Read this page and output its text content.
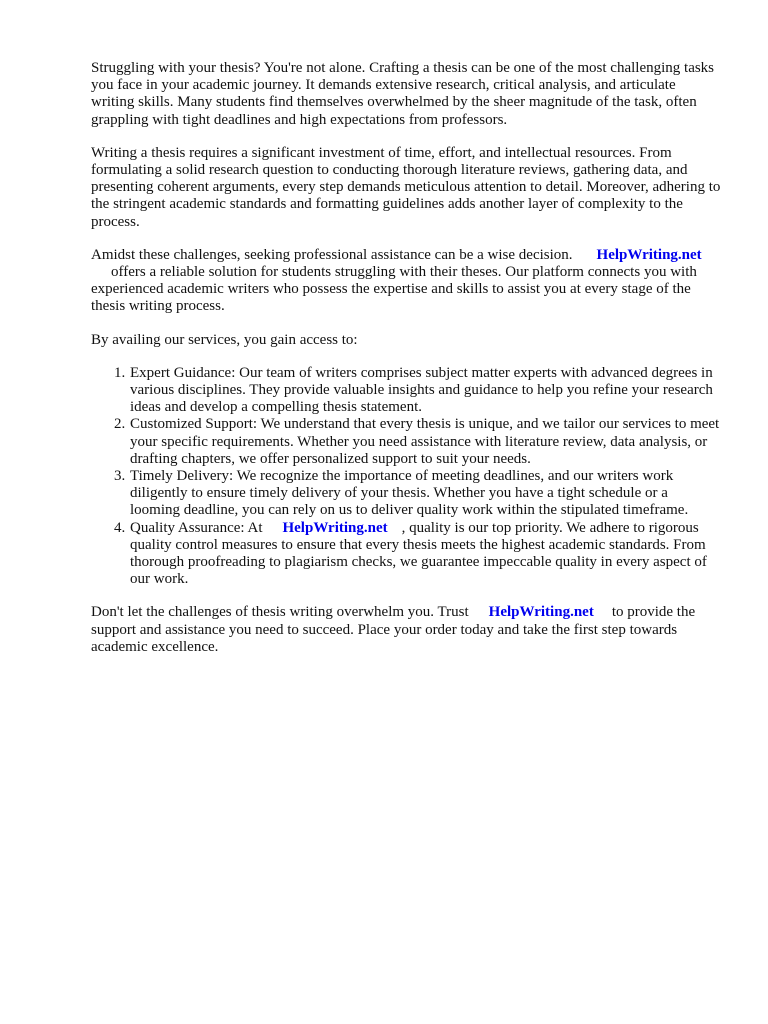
Struggling with your thesis? You're not alone. Crafting a thesis can be one of the most challenging tasks you face in your academic journey. It demands extensive research, critical analysis, and articulate writing skills. Many students find themselves overwhelmed by the sheer magnitude of the task, often grappling with tight deadlines and high expectations from professors.

Writing a thesis requires a significant investment of time, effort, and intellectual resources. From formulating a solid research question to conducting thorough literature reviews, gathering data, and presenting coherent arguments, every step demands meticulous attention to detail. Moreover, adhering to the stringent academic standards and formatting guidelines adds another layer of complexity to the process.

Amidst these challenges, seeking professional assistance can be a wise decision. HelpWriting.net
offers a reliable solution for students struggling with their theses. Our platform connects you with experienced academic writers who possess the expertise and skills to assist you at every stage of the thesis writing process.

By availing our services, you gain access to:

1. Expert Guidance: Our team of writers comprises subject matter experts with advanced degrees in various disciplines. They provide valuable insights and guidance to help you refine your research ideas and develop a compelling thesis statement.
2. Customized Support: We understand that every thesis is unique, and we tailor our services to meet your specific requirements. Whether you need assistance with literature review, data analysis, or drafting chapters, we offer personalized support to suit your needs.
3. Timely Delivery: We recognize the importance of meeting deadlines, and our writers work diligently to ensure timely delivery of your thesis. Whether you have a tight schedule or a looming deadline, you can rely on us to deliver quality work within the stipulated timeframe.
4. Quality Assurance: At HelpWriting.net , quality is our top priority. We adhere to rigorous quality control measures to ensure that every thesis meets the highest academic standards. From thorough proofreading to plagiarism checks, we guarantee impeccable quality in every aspect of our work.

Don't let the challenges of thesis writing overwhelm you. Trust HelpWriting.net to provide the support and assistance you need to succeed. Place your order today and take the first step towards academic excellence.
